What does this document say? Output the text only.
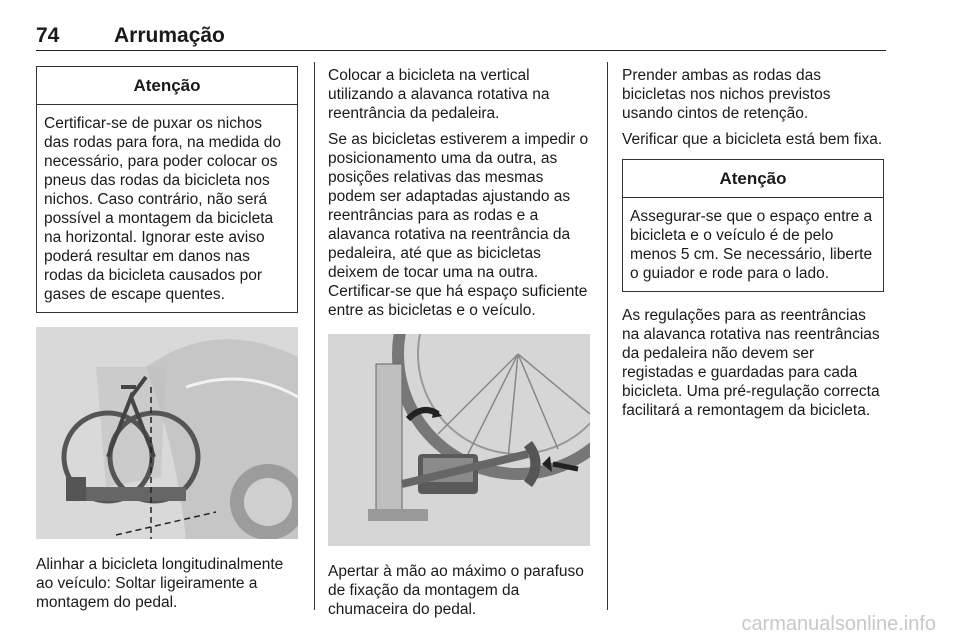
74	Arrumação
Atenção
Certificar-se de puxar os nichos das rodas para fora, na medida do necessário, para poder colocar os pneus das rodas da bicicleta nos nichos. Caso contrário, não será possível a montagem da bicicleta na horizontal. Ignorar este aviso poderá resultar em danos nas rodas da bicicleta causados por gases de escape quentes.

Alinhar a bicicleta longitudinalmente ao veículo: Soltar ligeiramente a montagem do pedal.

Colocar a bicicleta na vertical utilizando a alavanca rotativa na reentrância da pedaleira.

Se as bicicletas estiverem a impedir o posicionamento uma da outra, as posições relativas das mesmas podem ser adaptadas ajustando as reentrâncias para as rodas e a alavanca rotativa na reentrância da pedaleira, até que as bicicletas deixem de tocar uma na outra.

Certificar-se que há espaço suficiente entre as bicicletas e o veículo.

Apertar à mão ao máximo o parafuso de fixação da montagem da chumaceira do pedal.

Prender ambas as rodas das bicicletas nos nichos previstos usando cintos de retenção.

Verificar que a bicicleta está bem fixa.

Atenção
Assegurar-se que o espaço entre a bicicleta e o veículo é de pelo menos 5 cm. Se necessário, liberte o guiador e rode para o lado.

As regulações para as reentrâncias na alavanca rotativa nas reentrâncias da pedaleira não devem ser registadas e guardadas para cada bicicleta. Uma pré-regulação correcta facilitará a remontagem da bicicleta.

carmanualsonline.info
